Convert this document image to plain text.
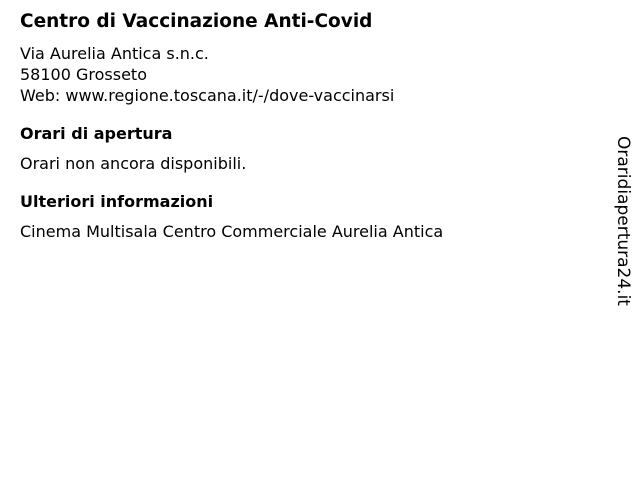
Centro di Vaccinazione Anti-Covid

Via Aurelia Antica s.n.c.

58100 Grosseto

Web: www.regione.toscana.it/-/dove-vaccinarsi

Orari di apertura

Orari non ancora disponibili.

Ulteriori informazioni

Cinema Multisala Centro Commerciale Aurelia Antica	Oraridiapertura24.it
